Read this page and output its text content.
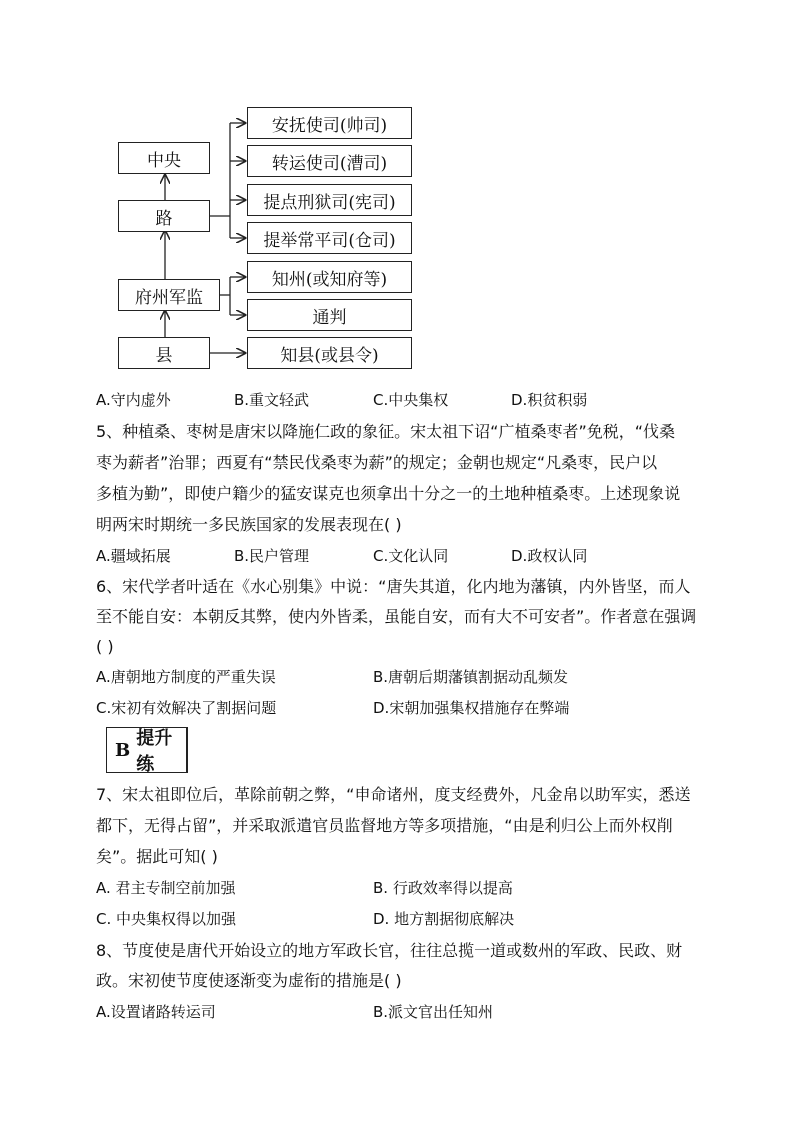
中央
路
府州军监
县
安抚使司(帅司)
转运使司(漕司)
提点刑狱司(宪司)
提举常平司(仓司)
知州(或知府等)
通判
知县(或县令)
A.守内虚外	B.重文轻武	C.中央集权	D.积贫积弱
5、种植桑、枣树是唐宋以降施仁政的象征。宋太祖下诏“广植桑枣者”免税，“伐桑
枣为薪者”治罪；西夏有“禁民伐桑枣为薪”的规定；金朝也规定“凡桑枣，民户以
多植为勤”，即使户籍少的猛安谋克也须拿出十分之一的土地种植桑枣。上述现象说
明两宋时期统一多民族国家的发展表现在( )
A.疆域拓展	B.民户管理	C.文化认同	D.政权认同
6、宋代学者叶适在《水心别集》中说：“唐失其道，化内地为藩镇，内外皆坚，而人
至不能自安：本朝反其弊，使内外皆柔，虽能自安，而有大不可安者”。作者意在强调
( )
A.唐朝地方制度的严重失误	B.唐朝后期藩镇割据动乱频发
C.宋初有效解决了割据问题	D.宋朝加强集权措施存在弊端
B
提升练
7、宋太祖即位后，革除前朝之弊，“申命诸州，度支经费外，凡金帛以助军实，悉送
都下，无得占留”，并采取派遣官员监督地方等多项措施，“由是利归公上而外权削
矣”。据此可知( )
A. 君主专制空前加强	B. 行政效率得以提高
C. 中央集权得以加强	D. 地方割据彻底解决
8、节度使是唐代开始设立的地方军政长官，往往总揽一道或数州的军政、民政、财
政。宋初使节度使逐渐变为虚衔的措施是( )
A.设置诸路转运司	B.派文官出任知州
